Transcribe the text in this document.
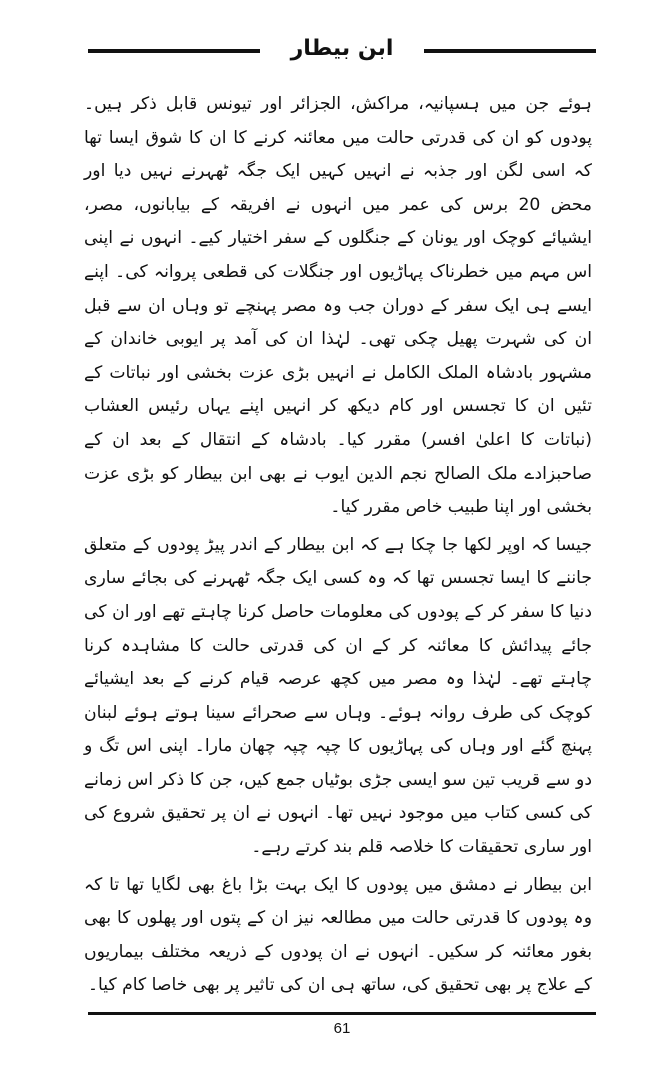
ابن بیطار

ہوئے جن میں ہسپانیہ، مراکش، الجزائر اور تیونس قابل ذکر ہیں۔ پودوں کو ان کی قدرتی حالت میں معائنہ کرنے کا ان کا شوق ایسا تھا کہ اسی لگن اور جذبہ نے انہیں کہیں ایک جگہ ٹھہرنے نہیں دیا اور محض 20 برس کی عمر میں انہوں نے افریقہ کے بیابانوں، مصر، ایشیائے کوچک اور یونان کے جنگلوں کے سفر اختیار کیے۔ انہوں نے اپنی اس مہم میں خطرناک پہاڑیوں اور جنگلات کی قطعی پروانہ کی۔ اپنے ایسے ہی ایک سفر کے دوران جب وہ مصر پہنچے تو وہاں ان سے قبل ان کی شہرت پھیل چکی تھی۔ لہٰذا ان کی آمد پر ایوبی خاندان کے مشہور بادشاہ الملک الکامل نے انہیں بڑی عزت بخشی اور نباتات کے تئیں ان کا تجسس اور کام دیکھ کر انہیں اپنے یہاں رئیس العشاب (نباتات کا اعلیٰ افسر) مقرر کیا۔ بادشاہ کے انتقال کے بعد ان کے صاحبزادے ملک الصالح نجم الدین ایوب نے بھی ابن بیطار کو بڑی عزت بخشی اور اپنا طبیب خاص مقرر کیا۔

جیسا کہ اوپر لکھا جا چکا ہے کہ ابن بیطار کے اندر پیڑ پودوں کے متعلق جاننے کا ایسا تجسس تھا کہ وہ کسی ایک جگہ ٹھہرنے کی بجائے ساری دنیا کا سفر کر کے پودوں کی معلومات حاصل کرنا چاہتے تھے اور ان کی جائے پیدائش کا معائنہ کر کے ان کی قدرتی حالت کا مشاہدہ کرنا چاہتے تھے۔ لہٰذا وہ مصر میں کچھ عرصہ قیام کرنے کے بعد ایشیائے کوچک کی طرف روانہ ہوئے۔ وہاں سے صحرائے سینا ہوتے ہوئے لبنان پہنچ گئے اور وہاں کی پہاڑیوں کا چپہ چپہ چھان مارا۔ اپنی اس تگ و دو سے قریب تین سو ایسی جڑی بوٹیاں جمع کیں، جن کا ذکر اس زمانے کی کسی کتاب میں موجود نہیں تھا۔ انہوں نے ان پر تحقیق شروع کی اور ساری تحقیقات کا خلاصہ قلم بند کرتے رہے۔

ابن بیطار نے دمشق میں پودوں کا ایک بہت بڑا باغ بھی لگایا تھا تا کہ وہ پودوں کا قدرتی حالت میں مطالعہ نیز ان کے پتوں اور پھلوں کا بھی بغور معائنہ کر سکیں۔ انہوں نے ان پودوں کے ذریعہ مختلف بیماریوں کے علاج پر بھی تحقیق کی، ساتھ ہی ان کی تاثیر پر بھی خاصا کام کیا۔

61
